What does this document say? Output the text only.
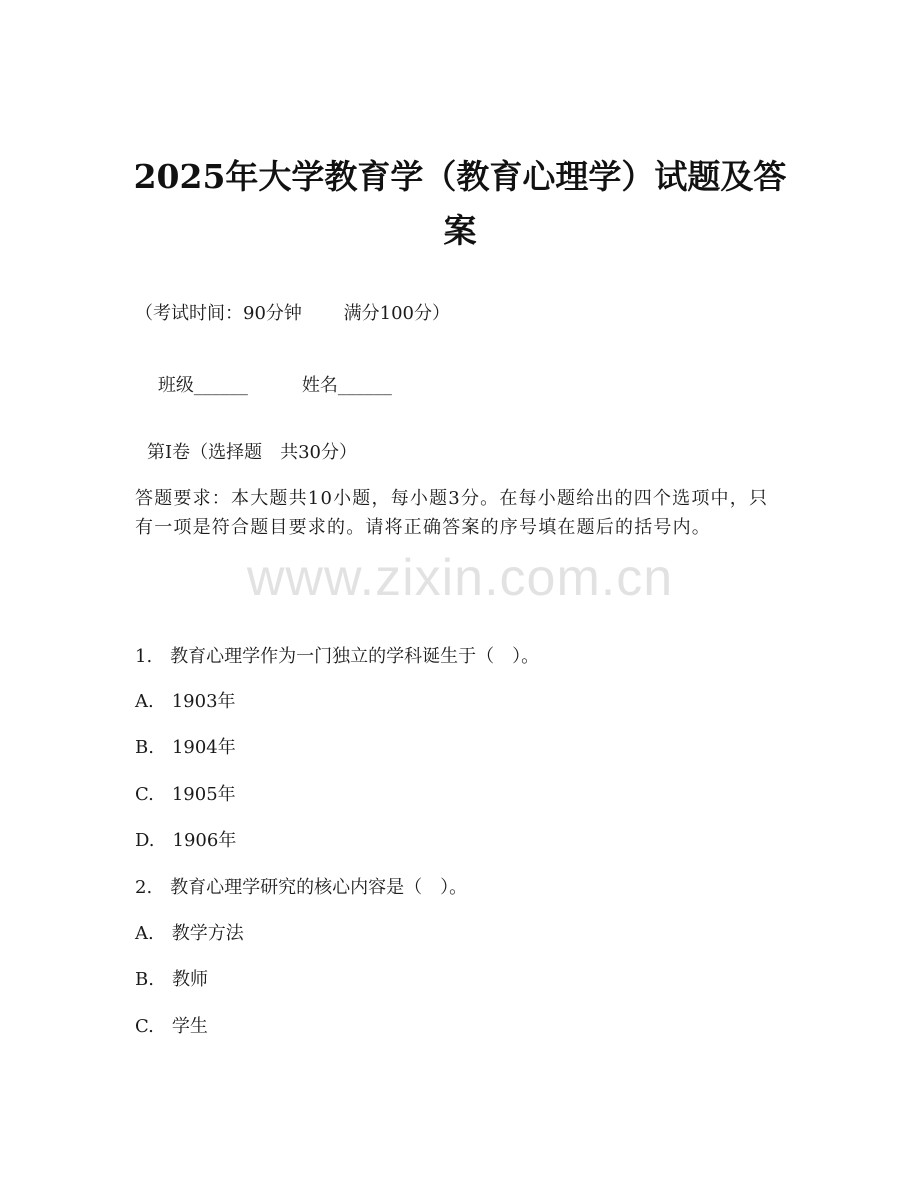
2025年大学教育学（教育心理学）试题及答
案
（考试时间：90分钟　　 满分100分）

班级______	姓名______

第Ⅰ卷（选择题　共30分）
答题要求：本大题共10小题，每小题3分。在每小题给出的四个选项中，只有一项是符合题目要求的。请将正确答案的序号填在题后的括号内。
www.zixin.com.cn
1.　教育心理学作为一门独立的学科诞生于（　）。
A.　1903年
B.　1904年
C.　1905年
D.　1906年
2.　教育心理学研究的核心内容是（　）。
A.　教学方法
B.　教师
C.　学生
